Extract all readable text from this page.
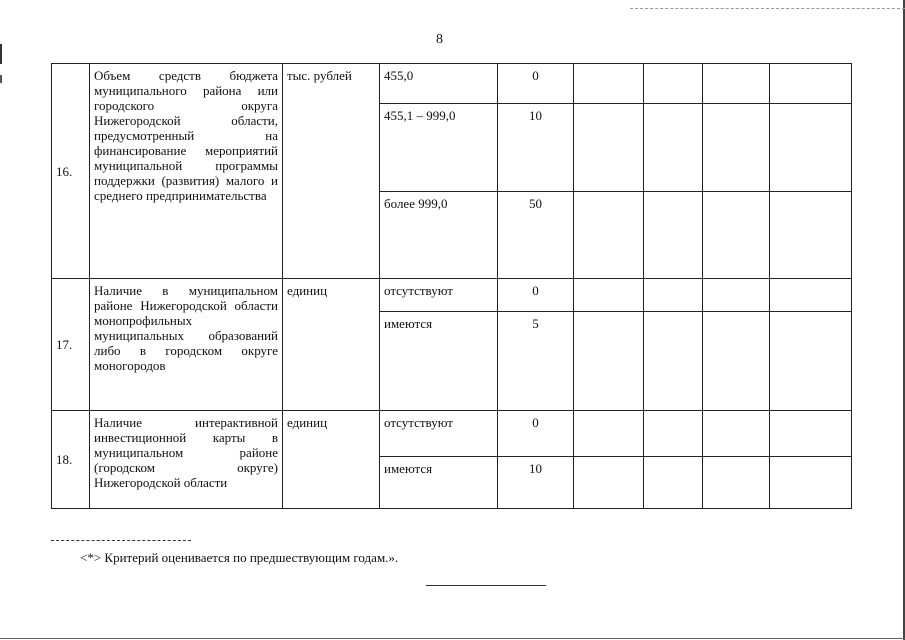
8
16.	Объем средств бюджета муниципального района или городского округа Нижегородской области, предусмотренный на финансирование мероприятий муниципальной программы поддержки (развития) малого и среднего предпринимательства	тыс. рублей	455,0	0				
			455,1 – 999,0	10				
			более 999,0	50				
17.	Наличие в муниципальном районе Нижегородской области монопрофильных муниципальных образований либо в городском округе моногородов	единиц	отсутствуют	0				
			имеются	5				
18.	Наличие интерактивной инвестиционной карты в муниципальном районе (городском округе) Нижегородской области	единиц	отсутствуют	0				
			имеются	10				
<*> Критерий оценивается по предшествующим годам.».
